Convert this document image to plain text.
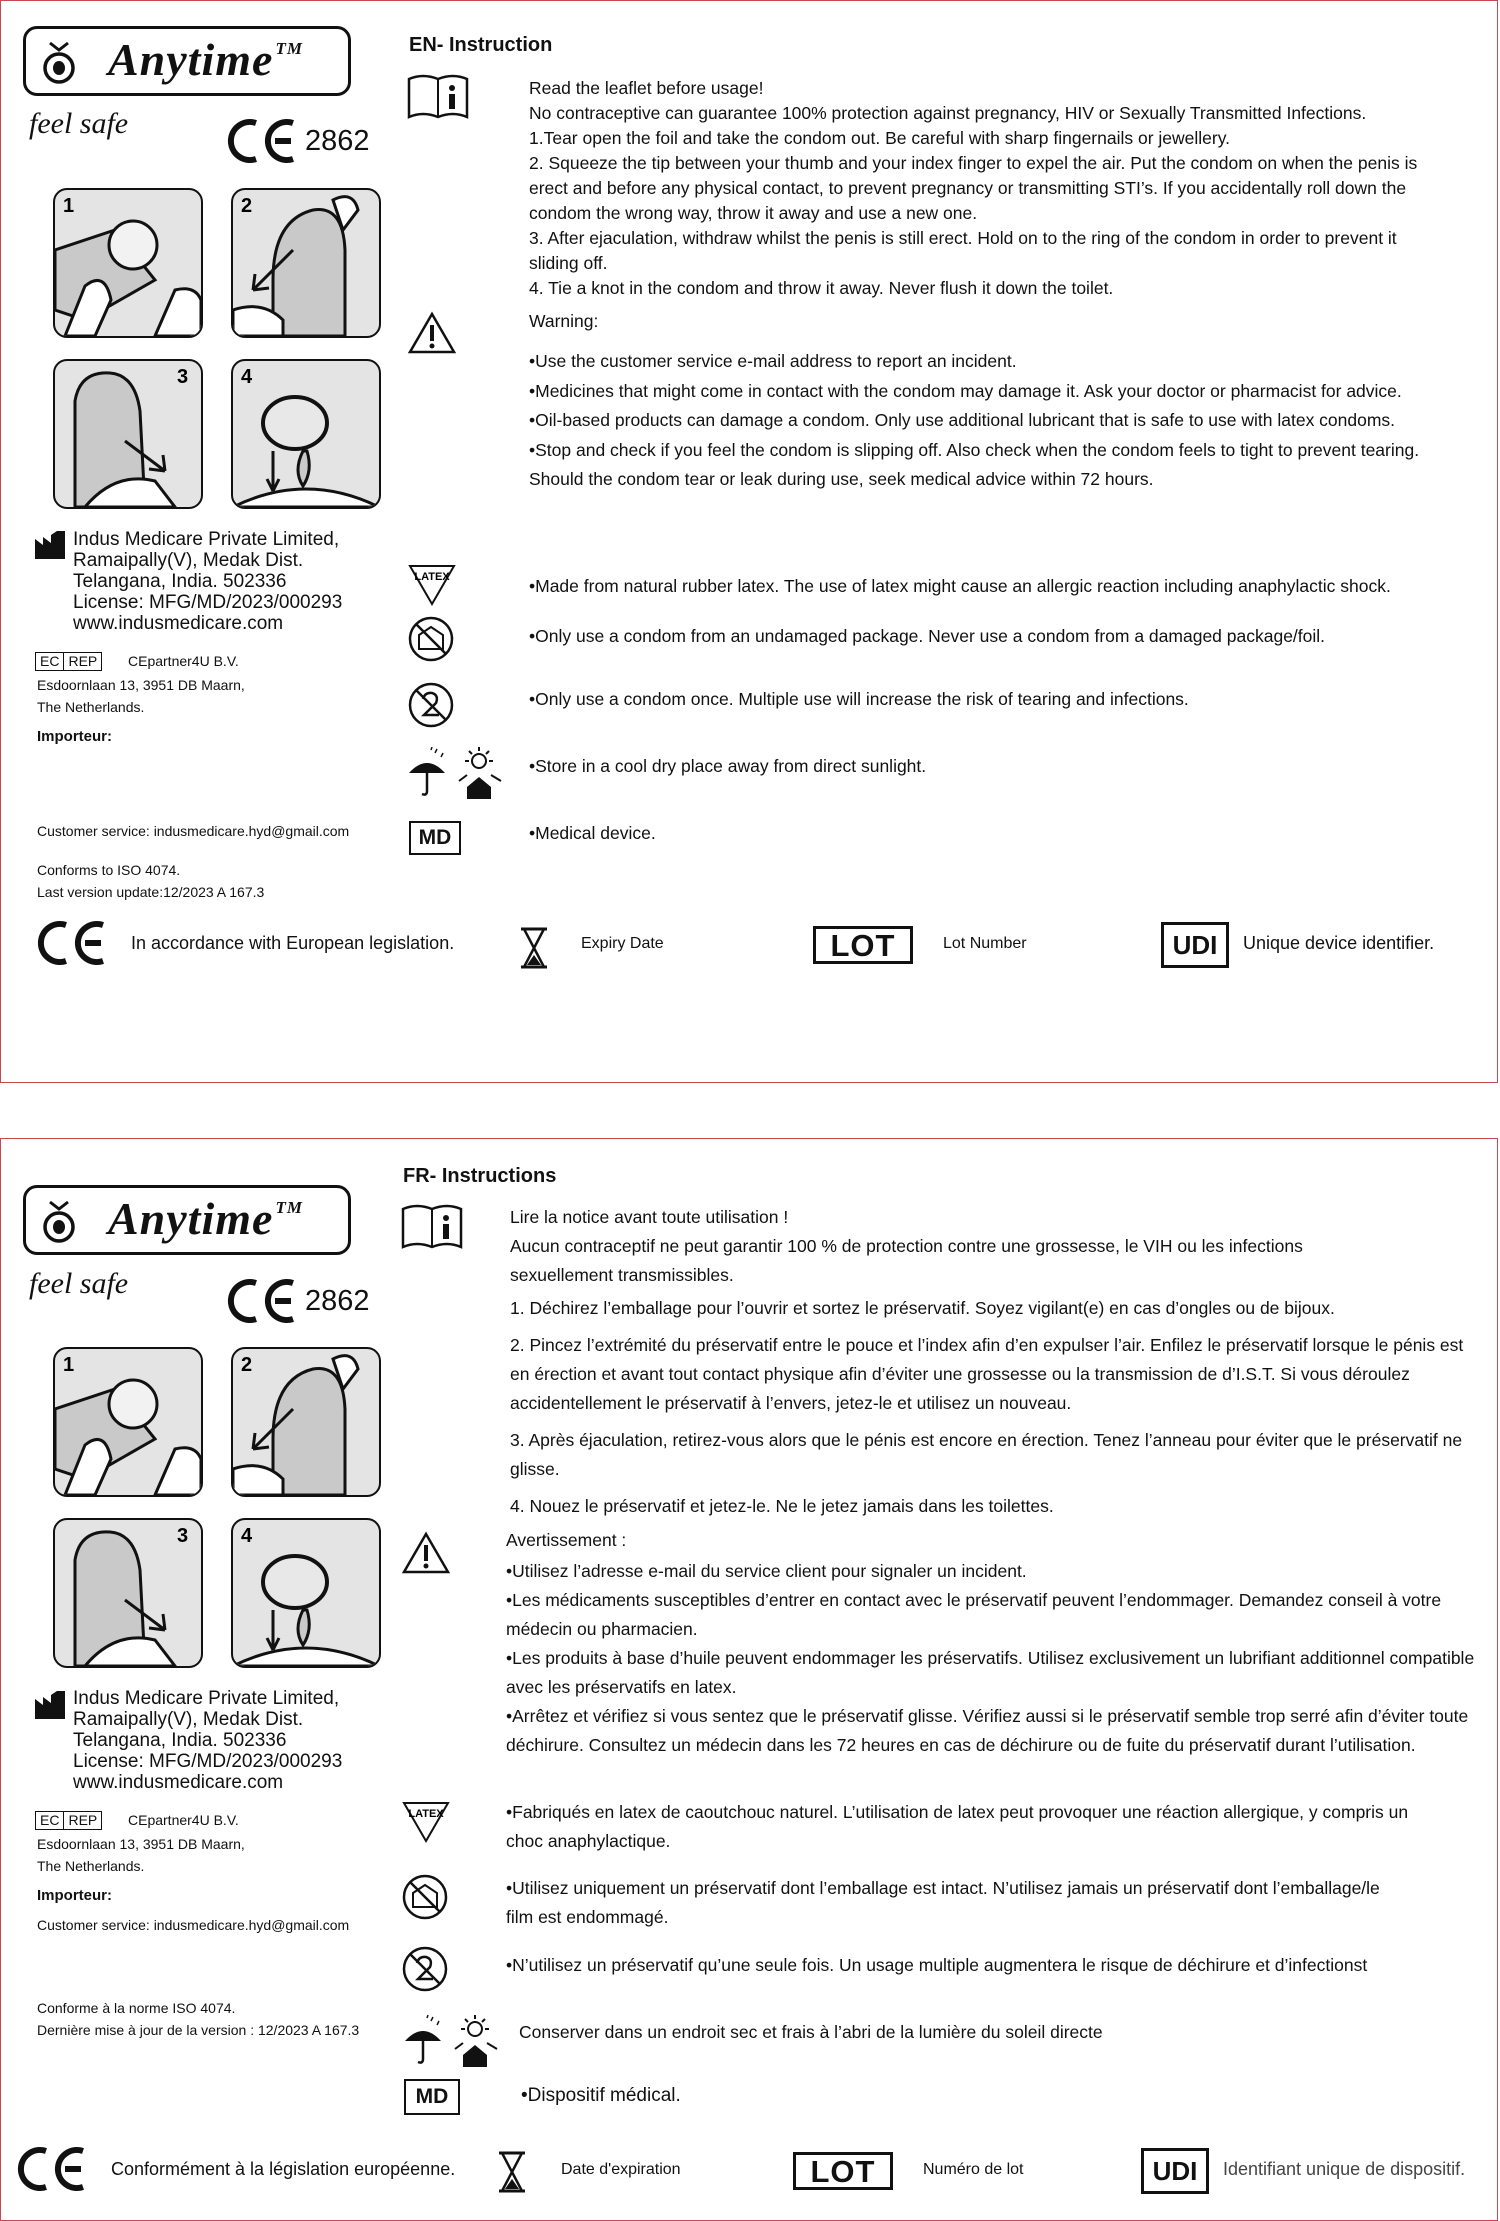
Anytime ™
feel safe
2862
1	2
3	4
Indus Medicare Private Limited,
Ramaipally(V), Medak Dist.
Telangana, India. 502336
License: MFG/MD/2023/000293
www.indusmedicare.com
EC REP	CEpartner4U B.V.
Esdoornlaan 13, 3951 DB Maarn,
The Netherlands.
Importeur:
Customer service: indusmedicare.hyd@gmail.com
Conforms to ISO 4074.
Last version update:12/2023 A 167.3
EN- Instruction

Read the leaflet before usage!

No contraceptive can guarantee 100% protection against pregnancy, HIV or Sexually Transmitted Infections.

1.Tear open the foil and take the condom out. Be careful with sharp fingernails or jewellery.

2. Squeeze the tip between your thumb and your index finger to expel the air. Put the condom on when the penis is erect and before any physical contact, to prevent pregnancy or transmitting STI’s. If you accidentally roll down the condom the wrong way, throw it away and use a new one.

3. After ejaculation, withdraw whilst the penis is still erect. Hold on to the ring of the condom in order to prevent it sliding off.

4. Tie a knot in the condom and throw it away. Never flush it down the toilet.

Warning:

•Use the customer service e-mail address to report an incident.

•Medicines that might come in contact with the condom may damage it. Ask your doctor or pharmacist for advice.

•Oil-based products can damage a condom. Only use additional lubricant that is safe to use with latex condoms.

•Stop and check if you feel the condom is slipping off. Also check when the condom feels to tight to prevent tearing. Should the condom tear or leak during use, seek medical advice within 72 hours.

LATEX	•Made from natural rubber latex. The use of latex might cause an allergic reaction including anaphylactic shock.
•Only use a condom from an undamaged package. Never use a condom from a damaged package/foil.
•Only use a condom once. Multiple use will increase the risk of tearing and infections.
•Store in a cool dry place away from direct sunlight.
MD	•Medical device.
In accordance with European legislation.	Expiry Date	LOT	Lot Number	UDI	Unique device identifier.
Anytime ™
feel safe
2862
1	2
3	4
Indus Medicare Private Limited,
Ramaipally(V), Medak Dist.
Telangana, India. 502336
License: MFG/MD/2023/000293
www.indusmedicare.com
EC REP	CEpartner4U B.V.
Esdoornlaan 13, 3951 DB Maarn,
The Netherlands.
Importeur:
Customer service: indusmedicare.hyd@gmail.com
Conforme à la norme ISO 4074.
Dernière mise à jour de la version : 12/2023 A 167.3
FR- Instructions

Lire la notice avant toute utilisation !

Aucun contraceptif ne peut garantir 100 % de protection contre une grossesse, le VIH ou les infections sexuellement transmissibles.

1. Déchirez l’emballage pour l’ouvrir et sortez le préservatif. Soyez vigilant(e) en cas d’ongles ou de bijoux.

2. Pincez l’extrémité du préservatif entre le pouce et l’index afin d’en expulser l’air. Enfilez le préservatif lorsque le pénis est en érection et avant tout contact physique afin d’éviter une grossesse ou la transmission de d’I.S.T. Si vous déroulez accidentellement le préservatif à l’envers, jetez-le et utilisez un nouveau.

3. Après éjaculation, retirez-vous alors que le pénis est encore en érection. Tenez l’anneau pour éviter que le préservatif ne glisse.

4. Nouez le préservatif et jetez-le. Ne le jetez jamais dans les toilettes.

Avertissement :

•Utilisez l’adresse e-mail du service client pour signaler un incident.

•Les médicaments susceptibles d’entrer en contact avec le préservatif peuvent l’endommager. Demandez conseil à votre médecin ou pharmacien.

•Les produits à base d’huile peuvent endommager les préservatifs. Utilisez exclusivement un lubrifiant additionnel compatible avec les préservatifs en latex.

•Arrêtez et vérifiez si vous sentez que le préservatif glisse. Vérifiez aussi si le préservatif semble trop serré afin d’éviter toute déchirure. Consultez un médecin dans les 72 heures en cas de déchirure ou de fuite du préservatif durant l’utilisation.

LATEX	•Fabriqués en latex de caoutchouc naturel. L’utilisation de latex peut provoquer une réaction allergique, y compris un choc anaphylactique.
•Utilisez uniquement un préservatif dont l’emballage est intact. N’utilisez jamais un préservatif dont l’emballage/le film est endommagé.
•N’utilisez un préservatif qu’une seule fois. Un usage multiple augmentera le risque de déchirure et d’infectionst
Conserver dans un endroit sec et frais à l’abri de la lumière du soleil directe
MD	•Dispositif médical.
Conformément à la législation européenne.	Date d'expiration	LOT	Numéro de lot	UDI	Identifiant unique de dispositif.
